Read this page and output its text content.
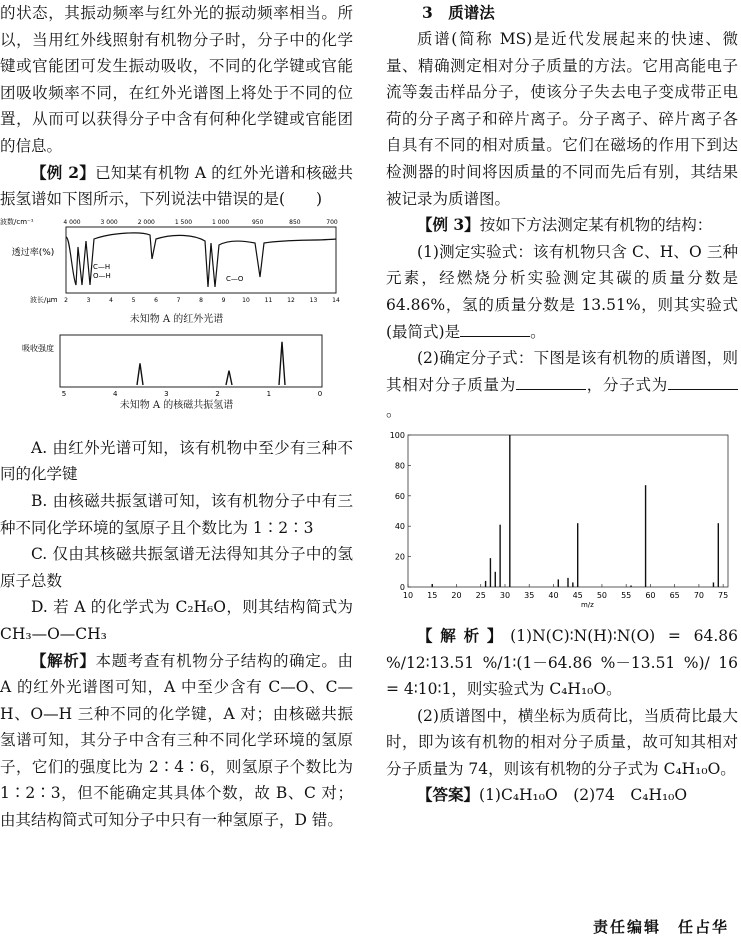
的状态，其振动频率与红外光的振动频率相当。所以，当用红外线照射有机物分子时，分子中的化学键或官能团可发生振动吸收，不同的化学键或官能团吸收频率不同，在红外光谱图上将处于不同的位置，从而可以获得分子中含有何种化学键或官能团的信息。

【例 2】已知某有机物 A 的红外光谱和核磁共振氢谱如下图所示，下列说法中错误的是(　　)

波数/cm⁻¹	4 000	3 000	2 000	1 500	1 000	950	850	700
透过率(%)
C—H
O—H	C—O
波长/μm 2	3	4	5	6	7	8	9	10 11 12 13 14
未知物 A 的红外光谱
吸收强度
5	4	3	2	1	0
未知物 A 的核磁共振氢谱

A. 由红外光谱可知，该有机物中至少有三种不同的化学键

B. 由核磁共振氢谱可知，该有机物分子中有三种不同化学环境的氢原子且个数比为 1∶2∶3

C. 仅由其核磁共振氢谱无法得知其分子中的氢原子总数

D. 若 A 的化学式为 C₂H₆O，则其结构简式为 CH₃—O—CH₃

【解析】本题考查有机物分子结构的确定。由 A 的红外光谱图可知，A 中至少含有 C—O、C—H、O—H 三种不同的化学键，A 对；由核磁共振氢谱可知，其分子中含有三种不同化学环境的氢原子，它们的强度比为 2∶4∶6，则氢原子个数比为 1∶2∶3，但不能确定其具体个数，故 B、C 对；由其结构简式可知分子中只有一种氢原子，D 错。

3　质谱法

质谱(简称 MS)是近代发展起来的快速、微量、精确测定相对分子质量的方法。它用高能电子流等轰击样品分子，使该分子失去电子变成带正电荷的分子离子和碎片离子。分子离子、碎片离子各自具有不同的相对质量。它们在磁场的作用下到达检测器的时间将因质量的不同而先后有别，其结果被记录为质谱图。

【例 3】按如下方法测定某有机物的结构：

(1)测定实验式：该有机物只含 C、H、O 三种元素，经燃烧分析实验测定其碳的质量分数是 64.86%，氢的质量分数是 13.51%，则其实验式(最简式)是	。

(2)确定分子式：下图是该有机物的质谱图，则其相对分子质量为	，分子式为。

0
20
40
60
80
100
10 15 20 25 30 35 40 45 50 55 60 65 70 75
m/z

【解析】(1)N(C)∶N(H)∶N(O) = 64.86 %/12∶13.51 %/1∶(1－64.86 %－13.51 %)/ 16 = 4∶10∶1，则实验式为 C₄H₁₀O。

(2)质谱图中，横坐标为质荷比，当质荷比最大时，即为该有机物的相对分子质量，故可知其相对分子质量为 74，则该有机物的分子式为 C₄H₁₀O。

【答案】(1)C₄H₁₀O　(2)74　C₄H₁₀O

责任编辑　任占华
